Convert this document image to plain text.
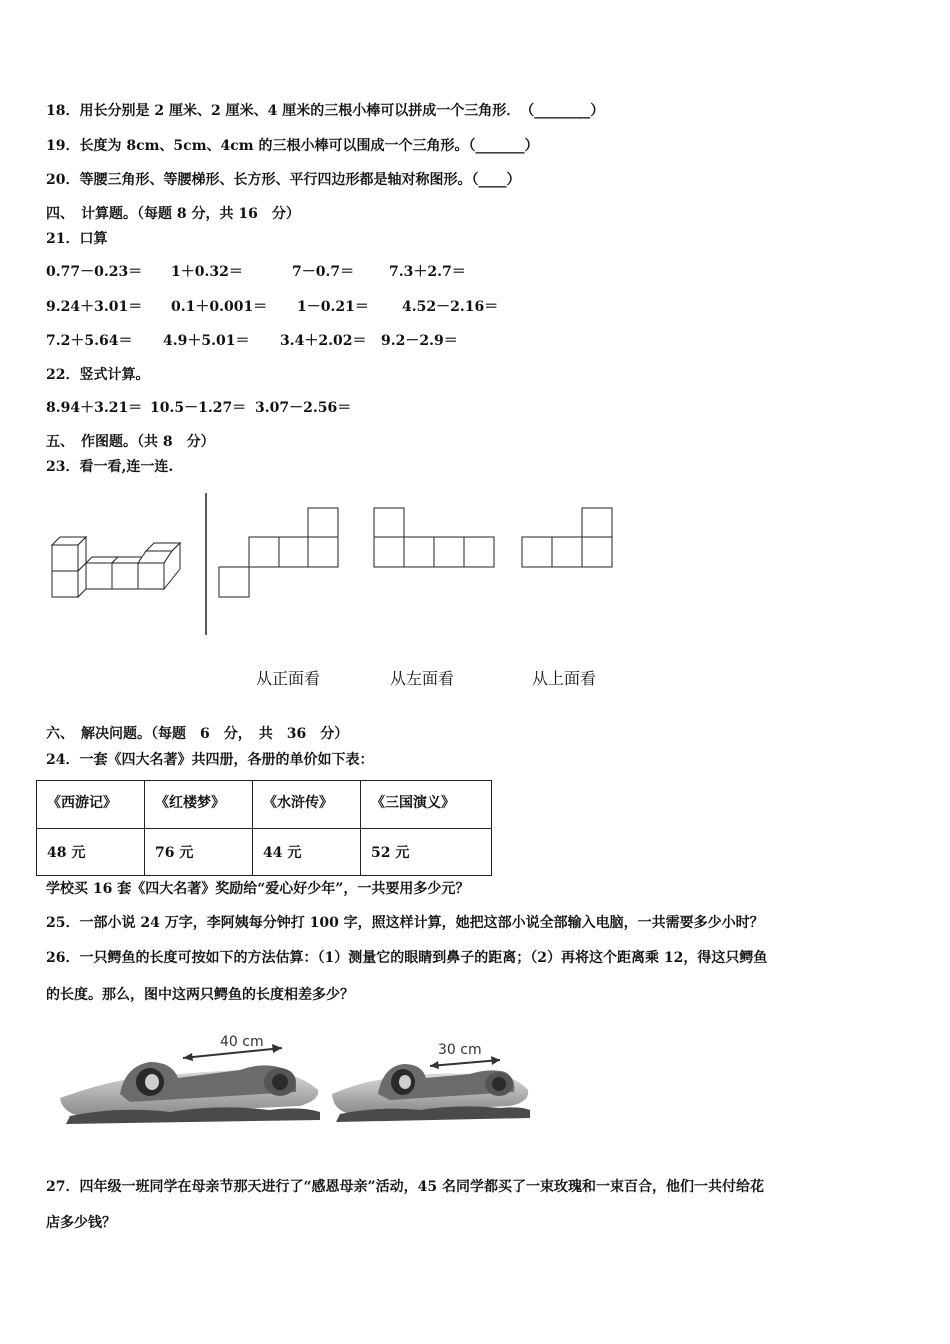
18．用长分别是 2 厘米、2 厘米、4 厘米的三根小棒可以拼成一个三角形．　（________）
19．长度为 8cm、5cm、4cm 的三根小棒可以围成一个三角形。（_______）
20．等腰三角形、等腰梯形、长方形、平行四边形都是轴对称图形。（____）
四、　计算题。（每题 8 分，共 16　分）
21．口算
0.77－0.23＝ 1＋0.32＝	7－0.7＝ 7.3＋2.7＝
9.24＋3.01＝ 0.1＋0.001＝ 1－0.21＝ 4.52－2.16＝
7.2＋5.64＝ 4.9＋5.01＝ 3.4＋2.02＝ 9.2－2.9＝
22．竖式计算。
8.94＋3.21＝ 10.5－1.27＝ 3.07－2.56＝
五、　作图题。（共 8　分）
23．看一看,连一连.
从正面看	从左面看	从上面看
六、　解决问题。（每题　6　分，　共　36　分）
24．一套《四大名著》共四册，各册的单价如下表：
《西游记》	《红楼梦》	《水浒传》	《三国演义》
48 元	76 元	44 元	52 元
学校买 16 套《四大名著》奖励给“爱心好少年”，一共要用多少元？
25．一部小说 24 万字，李阿姨每分钟打 100 字，照这样计算，她把这部小说全部输入电脑，一共需要多少小时？
26．一只鳄鱼的长度可按如下的方法估算：（1）测量它的眼睛到鼻子的距离；（2）再将这个距离乘 12，得这只鳄鱼
的长度。那么，图中这两只鳄鱼的长度相差多少？
40 cm	30 cm
27．四年级一班同学在母亲节那天进行了“感恩母亲”活动，45 名同学都买了一束玫瑰和一束百合，他们一共付给花
店多少钱？
